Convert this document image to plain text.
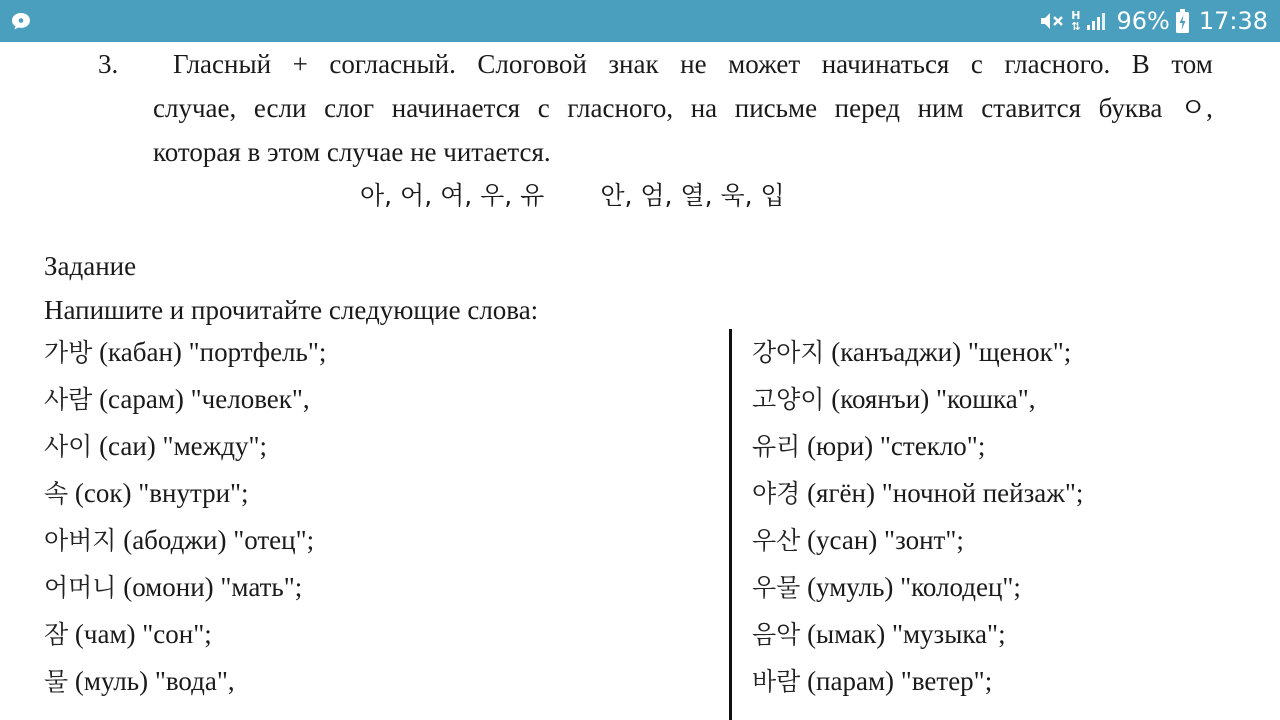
H
⇅ 96% 17:38
3. Гласный + согласный. Слоговой знак не может начинаться с гласного. В том
случае, если слог начинается с гласного, на письме перед ним ставится буква ㅇ,
которая в этом случае не читается.
아, 어, 여, 우, 유 안, 엄, 열, 욱, 입
Задание
Напишите и прочитайте следующие слова:
가방 (кабан) "портфель";
사람 (сарам) "человек",
사이 (саи) "между";
속 (сок) "внутри";
아버지 (абоджи) "отец";
어머니 (омони) "мать";
잠 (чам) "сон";
물 (муль) "вода",
강아지 (канъаджи) "щенок";
고양이 (коянъи) "кошка",
유리 (юри) "стекло";
야경 (ягён) "ночной пейзаж";
우산 (усан) "зонт";
우물 (умуль) "колодец";
음악 (ымак) "музыка";
바람 (парам) "ветер";
